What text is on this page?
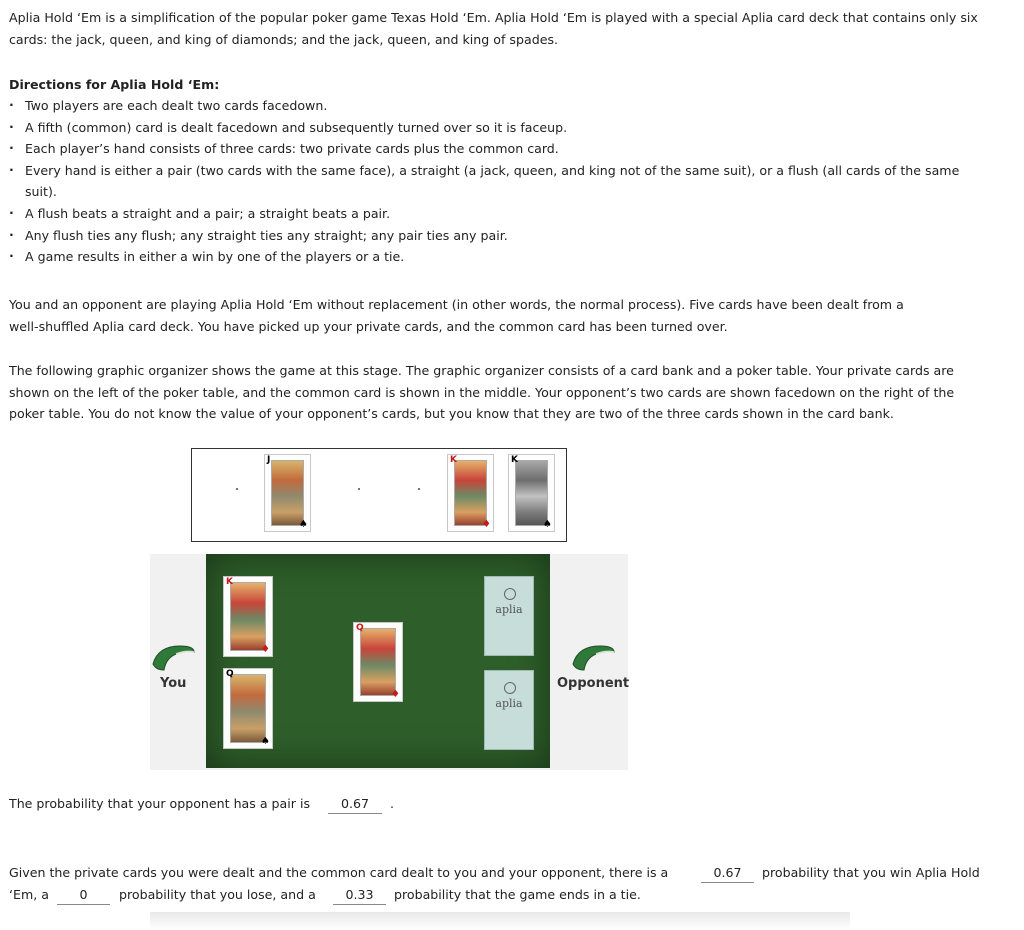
Aplia Hold ‘Em is a simplification of the popular poker game Texas Hold ‘Em. Aplia Hold ‘Em is played with a special Aplia card deck that contains only six
cards: the jack, queen, and king of diamonds; and the jack, queen, and king of spades.
Directions for Aplia Hold ‘Em:
. Two players are each dealt two cards facedown.
. A fifth (common) card is dealt facedown and subsequently turned over so it is faceup.
. Each player’s hand consists of three cards: two private cards plus the common card.
. Every hand is either a pair (two cards with the same face), a straight (a jack, queen, and king not of the same suit), or a flush (all cards of the same suit).
. A flush beats a straight and a pair; a straight beats a pair.
. Any flush ties any flush; any straight ties any straight; any pair ties any pair.
. A game results in either a win by one of the players or a tie.
You and an opponent are playing Aplia Hold ‘Em without replacement (in other words, the normal process). Five cards have been dealt from a
well-shuffled Aplia card deck. You have picked up your private cards, and the common card has been turned over.
The following graphic organizer shows the game at this stage. The graphic organizer consists of a card bank and a poker table. Your private cards are
shown on the left of the poker table, and the common card is shown in the middle. Your opponent’s two cards are shown facedown on the right of the
poker table. You do not know the value of your opponent’s cards, but you know that they are two of the three cards shown in the card bank.
J
♠
K
♦
K
♠
K
♦
Q
♠
Q
♦
aplia
aplia
You	Opponent
The probability that your opponent has a pair is	0.67	.
Given the private cards you were dealt and the common card dealt to you and your opponent, there is a	0.67	probability that you win Aplia Hold
‘Em, a	0	probability that you lose, and a	0.33	probability that the game ends in a tie.
